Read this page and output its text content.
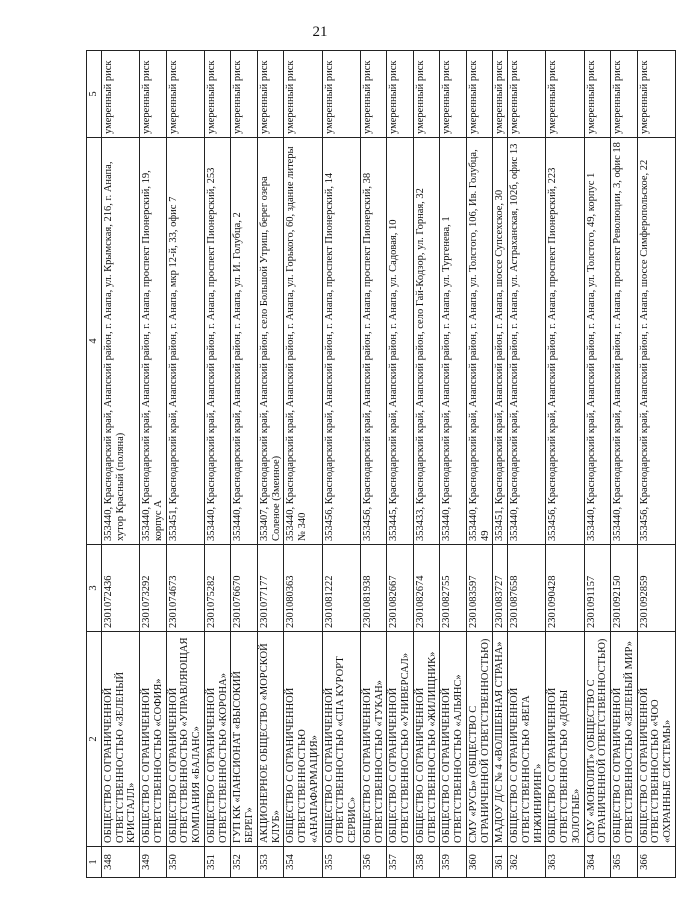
21
1	2	3	4	5
348	ОБЩЕСТВО С ОГРАНИЧЕННОЙ ОТВЕТСТВЕННОСТЬЮ «ЗЕЛЕНЫЙ КРИСТАЛЛ»	2301072436	353440, Краснодарский край, Анапский район, г. Анапа, ул. Крымская, 216, г. Анапа, хутор Красный (поляна)	умеренный риск
349	ОБЩЕСТВО С ОГРАНИЧЕННОЙ ОТВЕТСТВЕННОСТЬЮ «СОФИЯ»	2301073292	353440, Краснодарский край, Анапский район, г. Анапа, проспект Пионерский, 19, корпус А	умеренный риск
350	ОБЩЕСТВО С ОГРАНИЧЕННОЙ ОТВЕТСТВЕННОСТЬЮ «УПРАВЛЯЮЩАЯ КОМПАНИЯ «БАЛАНС»	2301074673	353451, Краснодарский край, Анапский район, г. Анапа, мкр 12-й, 33, офис 7	умеренный риск
351	ОБЩЕСТВО С ОГРАНИЧЕННОЙ ОТВЕТСТВЕННОСТЬЮ «КОРОНА»	2301075282	353440, Краснодарский край, Анапский район, г. Анапа, проспект Пионерский, 253	умеренный риск
352	ГУП КК «ПАНСИОНАТ «ВЫСОКИЙ БЕРЕГ»	2301076670	353440, Краснодарский край, Анапский район, г. Анапа, ул. И. Голубца, 2	умеренный риск
353	АКЦИОНЕРНОЕ ОБЩЕСТВО «МОРСКОЙ КЛУБ»	2301077177	353407, Краснодарский край, Анапский район, село Большой Утриш, берег озера Соленое (Змеиное)	умеренный риск
354	ОБЩЕСТВО С ОГРАНИЧЕННОЙ ОТВЕТСТВЕННОСТЬЮ «АНАПАФАРМАЦИЯ»	2301080363	353440, Краснодарский край, Анапский район, г. Анапа, ул. Горького, 60, здание литеры № 340	умеренный риск
355	ОБЩЕСТВО С ОГРАНИЧЕННОЙ ОТВЕТСТВЕННОСТЬЮ «СПА КУРОРТ СЕРВИС»	2301081222	353456, Краснодарский край, Анапский район, г. Анапа, проспект Пионерский, 14	умеренный риск
356	ОБЩЕСТВО С ОГРАНИЧЕННОЙ ОТВЕТСТВЕННОСТЬЮ «ТУКАН»	2301081938	353456, Краснодарский край, Анапский район, г. Анапа, проспект Пионерский, 38	умеренный риск
357	ОБЩЕСТВО С ОГРАНИЧЕННОЙ ОТВЕТСТВЕННОСТЬЮ «УНИВЕРСАЛ»	2301082667	353445, Краснодарский край, Анапский район, г. Анапа, ул. Садовая, 10	умеренный риск
358	ОБЩЕСТВО С ОГРАНИЧЕННОЙ ОТВЕТСТВЕННОСТЬЮ «ЖИЛИЩНИК»	2301082674	353433, Краснодарский край, Анапский район, село Гай-Кодзор, ул. Горная, 32	умеренный риск
359	ОБЩЕСТВО С ОГРАНИЧЕННОЙ ОТВЕТСТВЕННОСТЬЮ «АЛЬЯНС»	2301082755	353440, Краснодарский край, Анапский район, г. Анапа, ул. Тургенева, 1	умеренный риск
360	СМУ «РУСЬ» (ОБЩЕСТВО С ОГРАНИЧЕННОЙ ОТВЕТСТВЕННОСТЬЮ)	2301083597	353440, Краснодарский край, Анапский район, г. Анапа, ул. Толстого, 106, Ив. Голубца, 49	умеренный риск
361	МАДОУ Д/С № 4 «ВОЛШЕБНАЯ СТРАНА»	2301083727	353451, Краснодарский край, Анапский район, г. Анапа, шоссе Супсехское, 30	умеренный риск
362	ОБЩЕСТВО С ОГРАНИЧЕННОЙ ОТВЕТСТВЕННОСТЬЮ «ВЕГА ИНЖИНИРИНГ»	2301087658	353440, Краснодарский край, Анапский район, г. Анапа, ул. Астраханская, 102б, офис 13	умеренный риск
363	ОБЩЕСТВО С ОГРАНИЧЕННОЙ ОТВЕТСТВЕННОСТЬЮ «ДОНЫ ЗОЛОТЫЕ»	2301090428	353456, Краснодарский край, Анапский район, г. Анапа, проспект Пионерский, 223	умеренный риск
364	СМУ «МОНОЛИТ» (ОБЩЕСТВО С ОГРАНИЧЕННОЙ ОТВЕТСТВЕННОСТЬЮ)	2301091157	353440, Краснодарский край, Анапский район, г. Анапа, ул. Толстого, 49, корпус 1	умеренный риск
365	ОБЩЕСТВО С ОГРАНИЧЕННОЙ ОТВЕТСТВЕННОСТЬЮ «ЗЕЛЕНЫЙ МИР»	2301092150	353440, Краснодарский край, Анапский район, г. Анапа, проспект Революции, 3, офис 18	умеренный риск
366	ОБЩЕСТВО С ОГРАНИЧЕННОЙ ОТВЕТСТВЕННОСТЬЮ «ЧОО «ОХРАННЫЕ СИСТЕМЫ»	2301092859	353456, Краснодарский край, Анапский район, г. Анапа, шоссе Симферопольское, 22	умеренный риск
